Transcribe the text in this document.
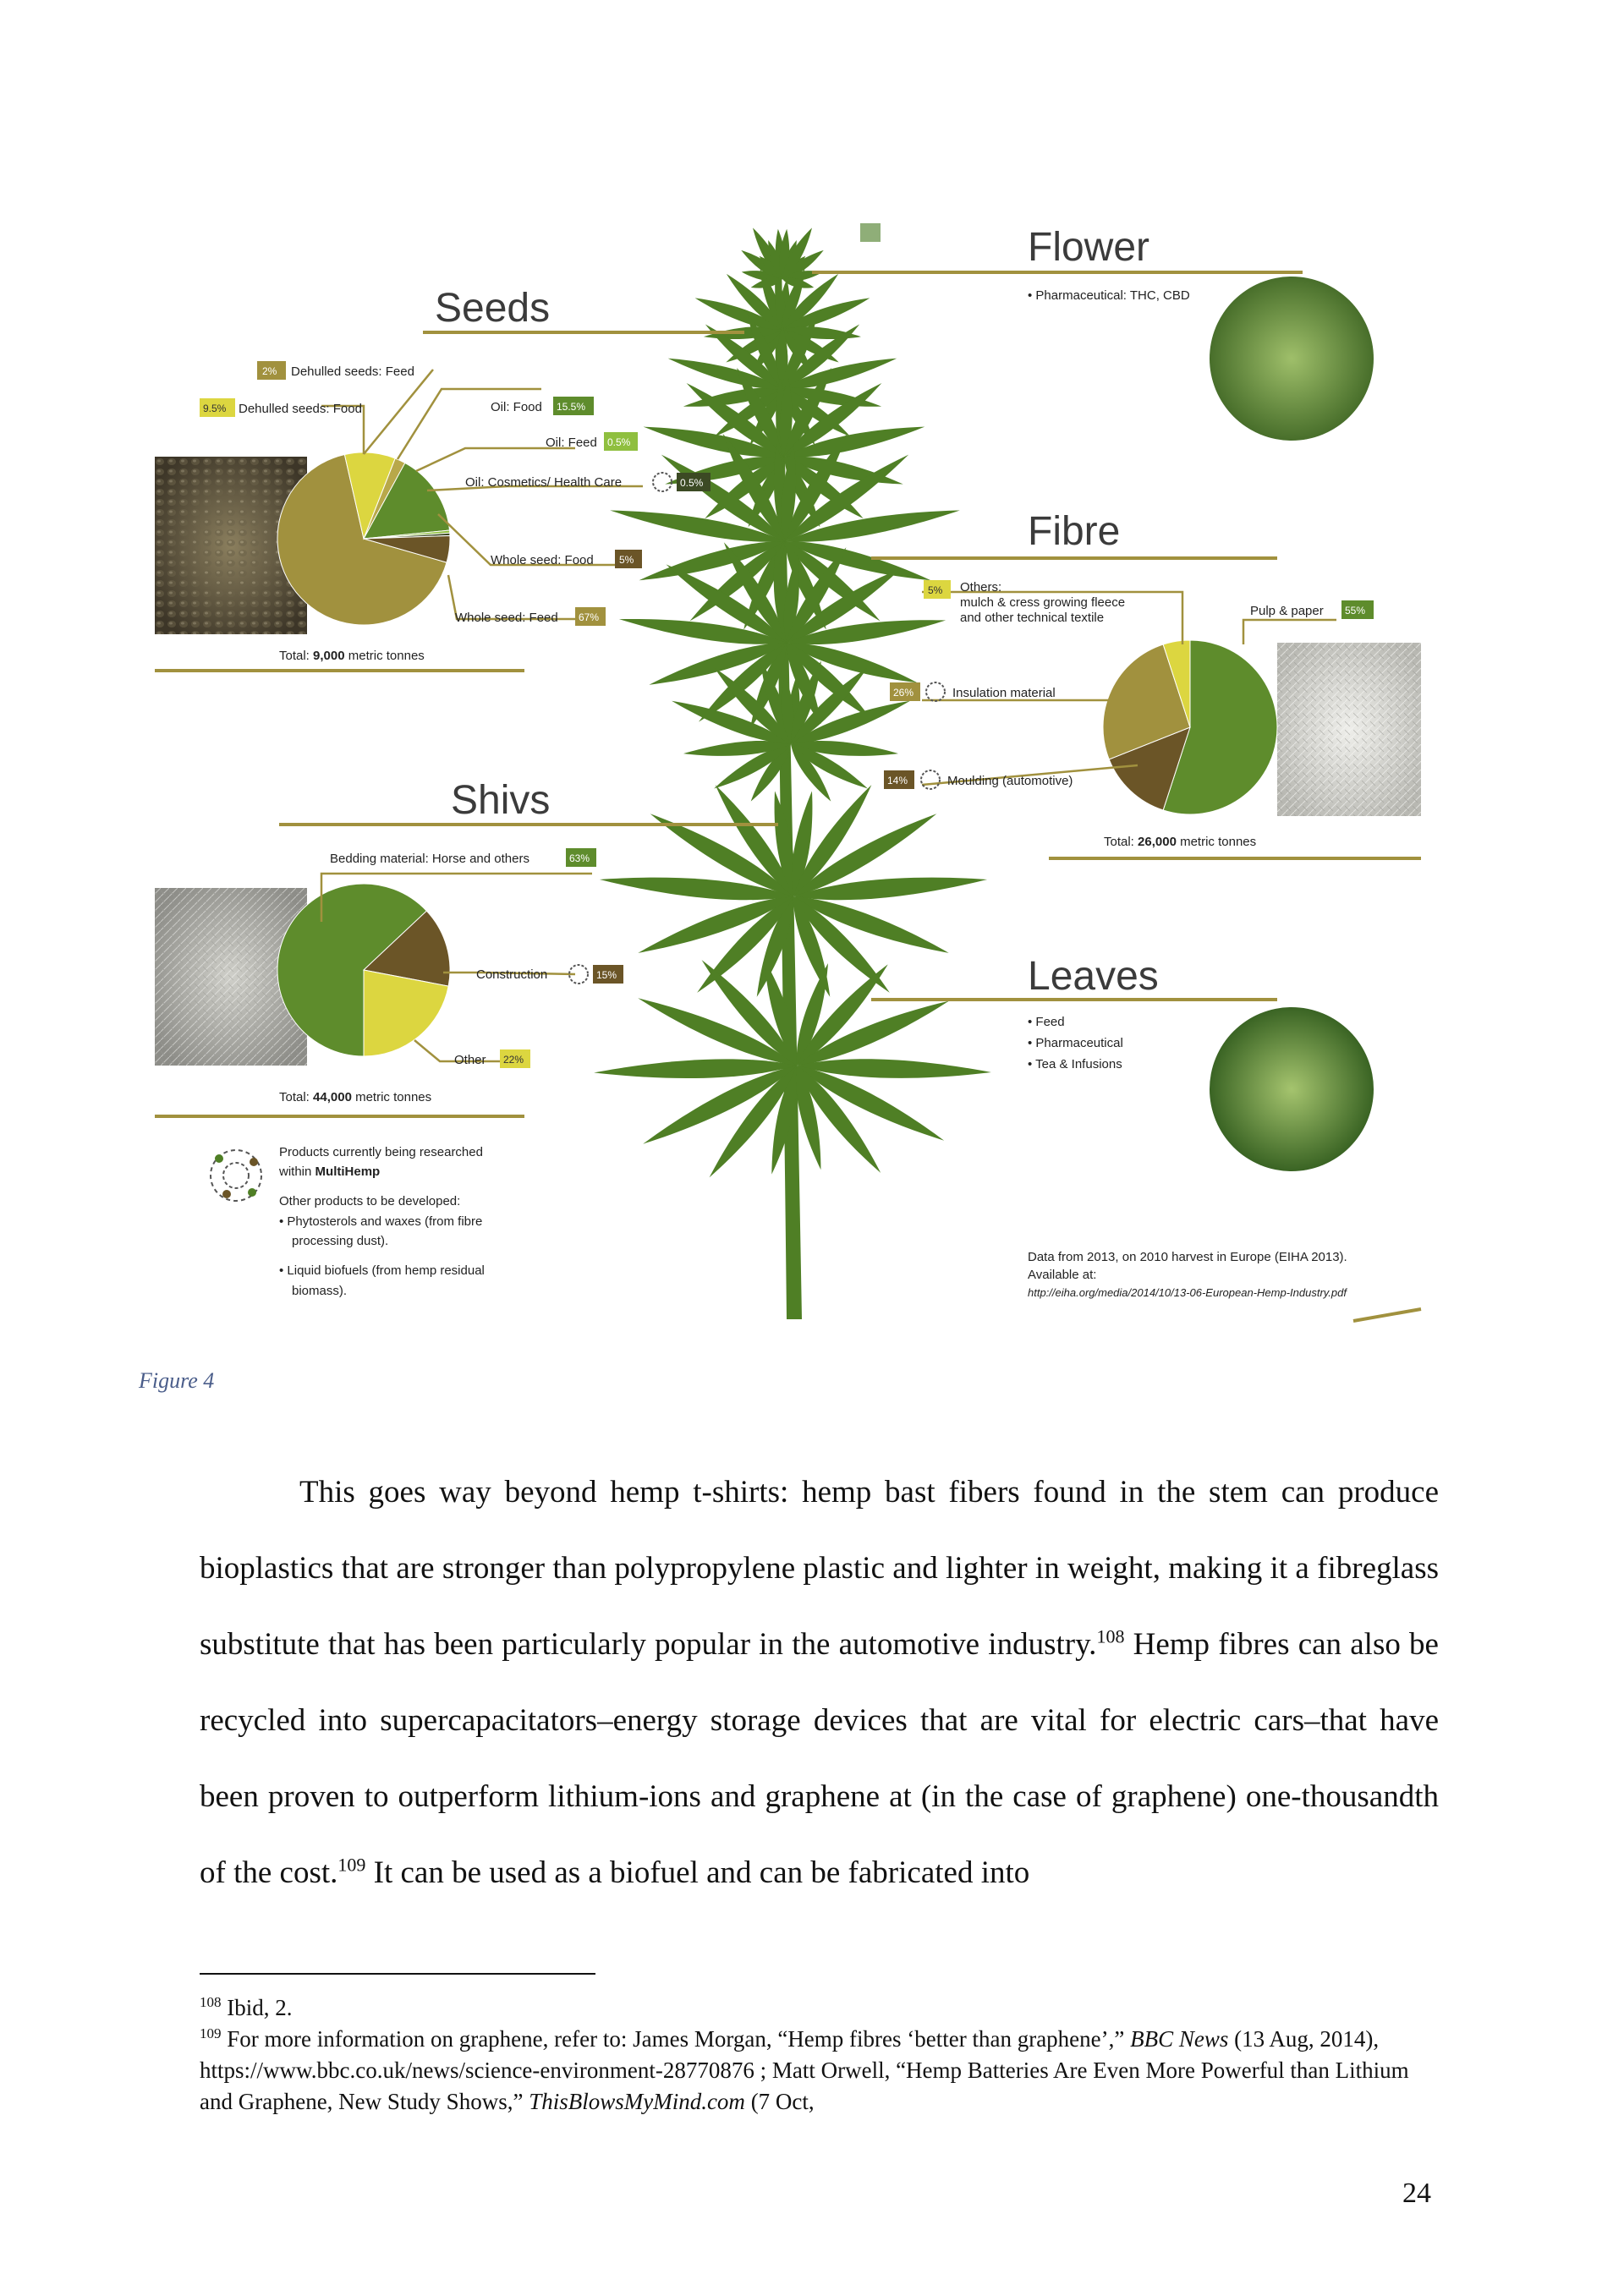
Flower
Seeds
Fibre
Shivs
Leaves
• Pharmaceutical: THC, CBD
• Feed
• Pharmaceutical
• Tea & Infusions
2% Dehulled seeds: Feed
9.5% Dehulled seeds: Food	Oil: Food 15.5%
Oil: Feed 0.5%
Oil: Cosmetics/ Health Care	0.5%
Whole seed: Food	5%
Whole seed: Feed 67%
Total: 9,000 metric tonnes
5% Others:
mulch & cress growing fleece
and other technical textile	Pulp & paper 55%
26%	Insulation material
14%	Moulding (automotive)
Total: 26,000 metric tonnes
Bedding material: Horse and others	63%
Construction	15%
Other 22%
Total: 44,000 metric tonnes
Products currently being researched
within MultiHemp
Other products to be developed:
• Phytosterols and waxes (from fibre
processing dust).
• Liquid biofuels (from hemp residual
biomass).
Data from 2013, on 2010 harvest in Europe (EIHA 2013).
Available at:
http://eiha.org/media/2014/10/13-06-European-Hemp-Industry.pdf
Figure 4

This goes way beyond hemp t-shirts: hemp bast fibers found in the stem can produce bioplastics that are stronger than polypropylene plastic and lighter in weight, making it a fibreglass substitute that has been particularly popular in the automotive industry.$^{108}$ Hemp fibres can also be recycled into supercapacitators–energy storage devices that are vital for electric cars–that have been proven to outperform lithium-ions and graphene at (in the case of graphene) one-thousandth of the cost.$^{109}$ It can be used as a biofuel and can be fabricated into

$^{108}$ Ibid, 2.

$^{109}$ For more information on graphene, refer to: James Morgan, “Hemp fibres ‘better than graphene’,” BBC News (13 Aug, 2014), https://www.bbc.co.uk/news/science-environment-28770876 ; Matt Orwell, “Hemp Batteries Are Even More Powerful than Lithium and Graphene, New Study Shows,” ThisBlowsMyMind.com (7 Oct,

24
